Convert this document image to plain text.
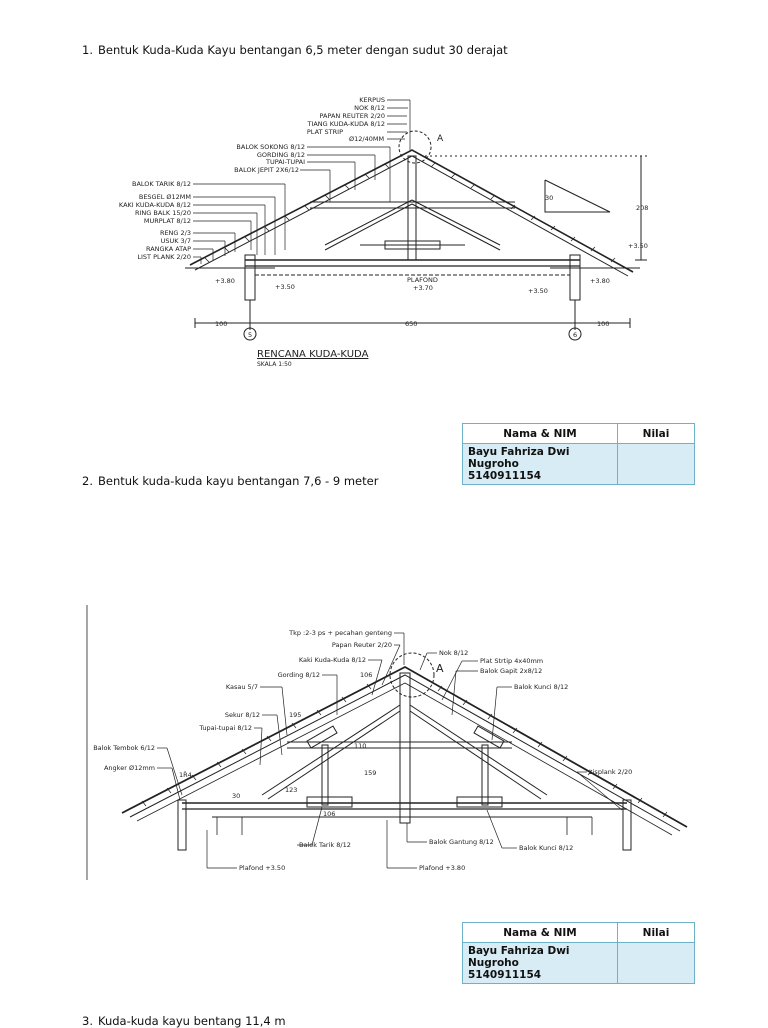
1. Bentuk Kuda-Kuda Kayu bentangan 6,5 meter dengan sudut 30 derajat
KERPUS
NOK 8/12
PAPAN REUTER 2/20
TIANG KUDA-KUDA 8/12
PLAT STRIP
Ø12/40MM
BALOK SOKONG 8/12
GORDING 8/12
TUPAI-TUPAI
BALOK JEPIT 2X6/12
BALOK TARIK 8/12
BESGEL Ø12MM
KAKI KUDA-KUDA 8/12
RING BALK 15/20
MURPLAT 8/12
RENG 2/3
USUK 3/7
RANGKA ATAP
LIST PLANK 2/20
+3.80
+3.50
PLAFOND
+3.70	+3.50
+3.80
+3.50
100	650	100
208
30
5	6
A
RENCANA KUDA-KUDA
SKALA 1:50
Nama & NIM	Nilai

Bayu Fahriza Dwi
Nugroho
5140911154	

2. Bentuk kuda-kuda kayu bentangan 7,6 - 9 meter
Tkp :2-3 ps + pecahan genteng
Papan Reuter 2/20
Kaki Kuda-Kuda 8/12
Gording 8/12
Kasau 5/7
Sekur 8/12
Tupai-tupai 8/12
Balok Tembok 6/12
Angker Ø12mm
Nok 8/12
Plat Strtip 4x40mm
Balok Gapit 2x8/12
Balok Kunci 8/12
Lisplank 2/20
Balok Tarik 8/12
Plafond +3.50	Plafond +3.80
Balok Gantung 8/12
Balok Kunci 8/12
106
195
110
159
123
30
106
1Ř4
A
Nama & NIM	Nilai

Bayu Fahriza Dwi
Nugroho
5140911154	

3. Kuda-kuda kayu bentang 11,4 m
